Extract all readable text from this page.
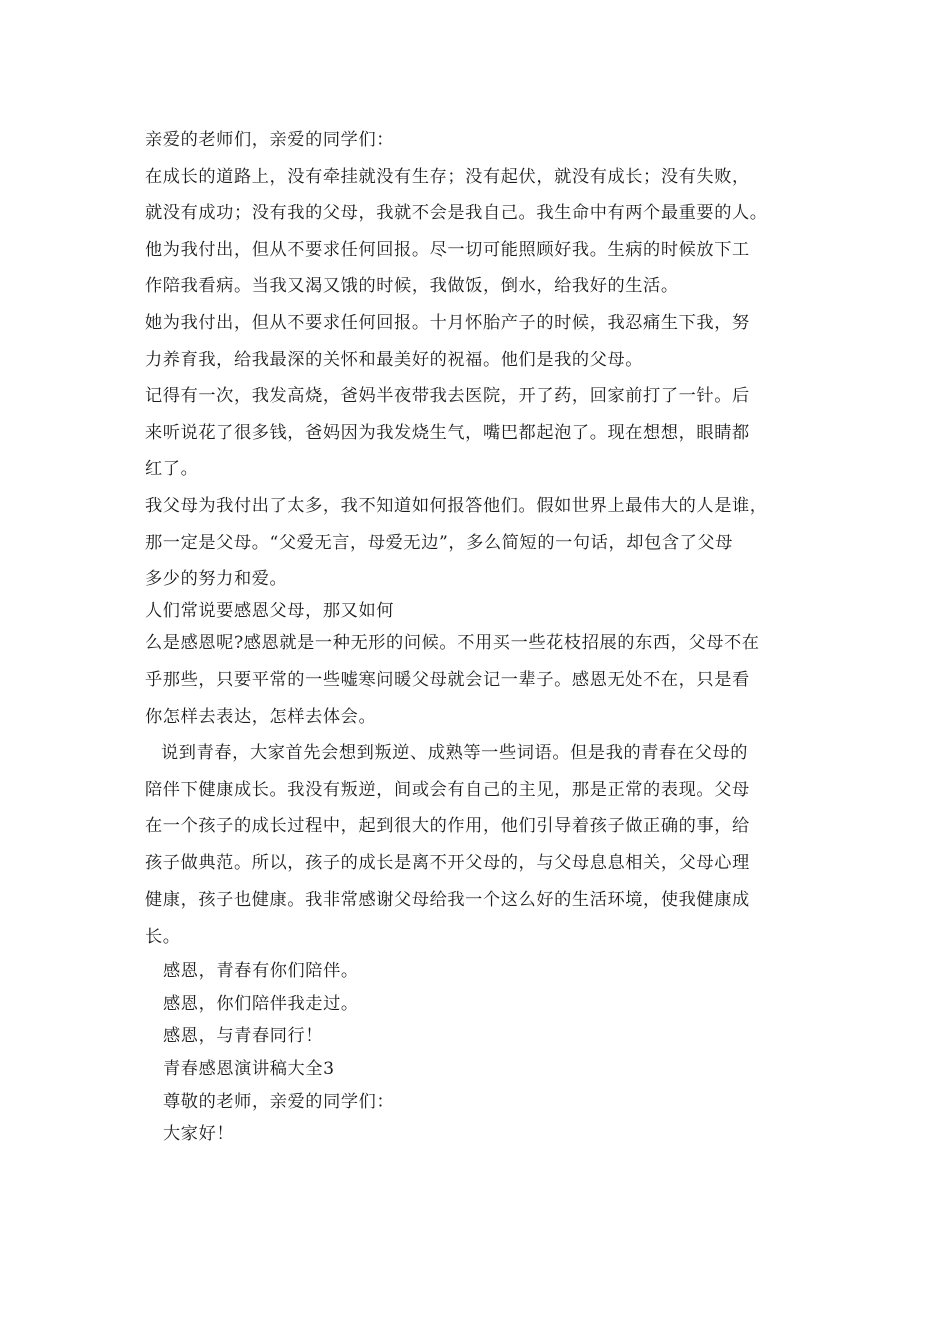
亲爱的老师们，亲爱的同学们：
在成长的道路上，没有牵挂就没有生存；没有起伏，就没有成长；没有失败，
就没有成功；没有我的父母，我就不会是我自己。我生命中有两个最重要的人。
他为我付出，但从不要求任何回报。尽一切可能照顾好我。生病的时候放下工
作陪我看病。当我又渴又饿的时候，我做饭，倒水，给我好的生活。
她为我付出，但从不要求任何回报。十月怀胎产子的时候，我忍痛生下我，努
力养育我，给我最深的关怀和最美好的祝福。他们是我的父母。
记得有一次，我发高烧，爸妈半夜带我去医院，开了药，回家前打了一针。后
来听说花了很多钱，爸妈因为我发烧生气，嘴巴都起泡了。现在想想，眼睛都
红了。
我父母为我付出了太多，我不知道如何报答他们。假如世界上最伟大的人是谁，
那一定是父母。“父爱无言，母爱无边”，多么简短的一句话，却包含了父母
多少的努力和爱。
人们常说要感恩父母，那又如何
么是感恩呢?感恩就是一种无形的问候。不用买一些花枝招展的东西，父母不在
乎那些，只要平常的一些嘘寒问暖父母就会记一辈子。感恩无处不在，只是看
你怎样去表达，怎样去体会。
说到青春，大家首先会想到叛逆、成熟等一些词语。但是我的青春在父母的
陪伴下健康成长。我没有叛逆，间或会有自己的主见，那是正常的表现。父母
在一个孩子的成长过程中，起到很大的作用，他们引导着孩子做正确的事，给
孩子做典范。所以，孩子的成长是离不开父母的，与父母息息相关，父母心理
健康，孩子也健康。我非常感谢父母给我一个这么好的生活环境，使我健康成
长。
感恩，青春有你们陪伴。
感恩，你们陪伴我走过。
感恩，与青春同行！
青春感恩演讲稿大全3
尊敬的老师，亲爱的同学们：
大家好！
